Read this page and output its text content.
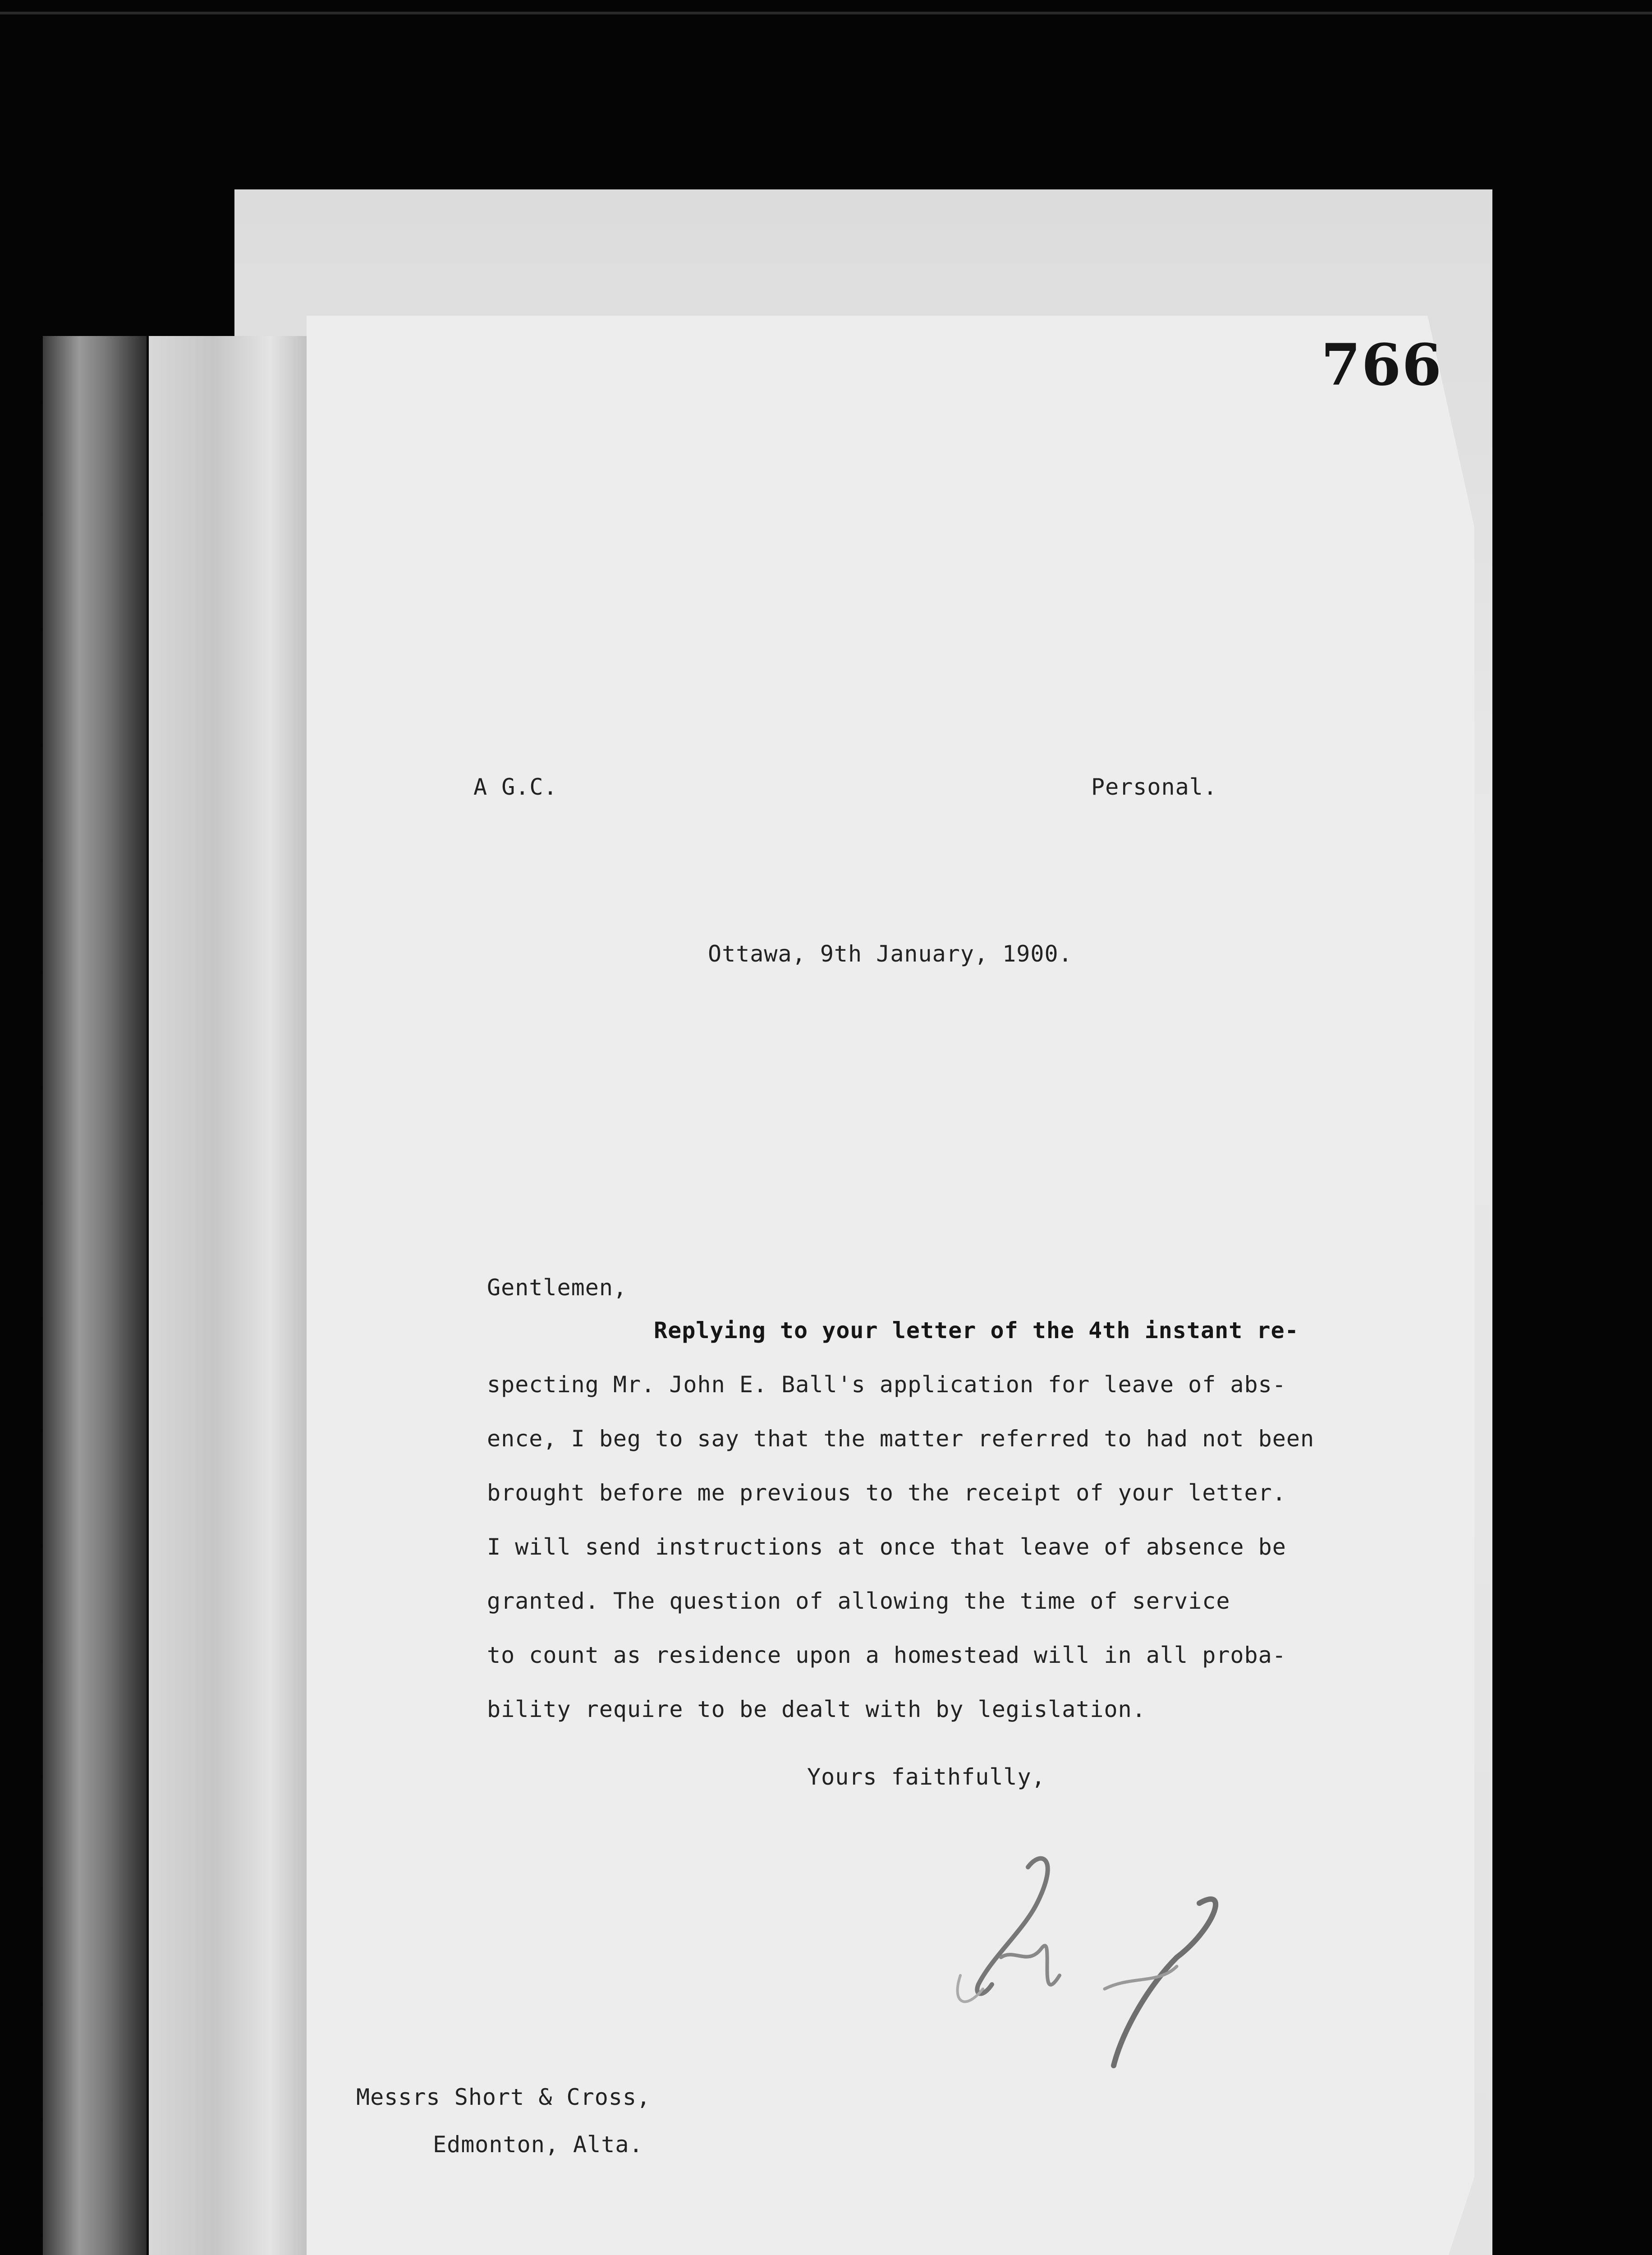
766
A G.C.	Personal.
Ottawa, 9th January, 1900.
Gentlemen,
Replying to your letter of the 4th instant re-
specting Mr. John E. Ball's application for leave of abs-
ence, I beg to say that the matter referred to had not been
brought before me previous to the receipt of your letter.
I will send instructions at once that leave of absence be
granted. The question of allowing the time of service
to count as residence upon a homestead will in all proba-
bility require to be dealt with by legislation.
Yours faithfully,
Messrs Short & Cross,
Edmonton, Alta.
